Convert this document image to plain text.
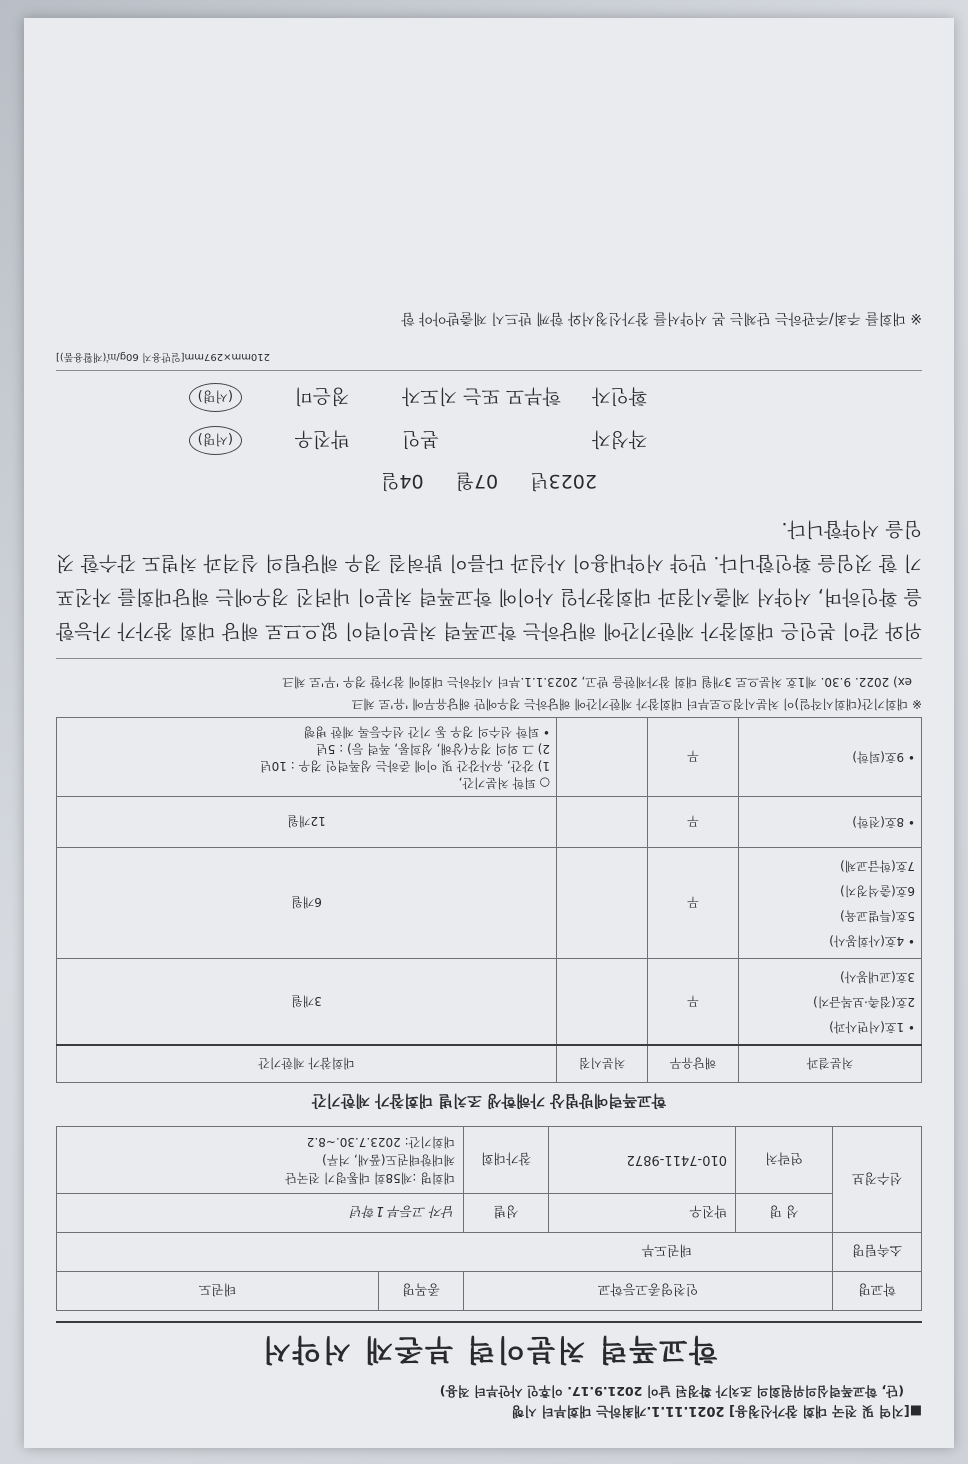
■[지역 및 전국 대회 참가신청용] 2021.11.1.개최하는 대회부터 시행

(단, 학교폭력심의위원회의 조치가 확정된 날이 2021.9.17. 이후인 사안부터 적용)

학교폭력 처분이력 부존재 서약서
학교명	인천영종고등학교			종목명	태권도
소속팀명	태권도부				
선수정보	성 명	박진우	성별	남자 고등부 1학년	
	연락처	010-7411-9872	참가대회	대회명 :제58회 대통령기 전국단
체대항태권도(품새, 겨루)
대회기간: 2023.7.30.~8.2	
학교폭력예방법상 가해학생 조치별 대회참가 제한기간
처분결과	해당유무	처분시점	대회참가 제한기간

• 1호(서면사과)
2호(접촉·보복금지)
3호(교내봉사)	무		3개월

• 4호(사회봉사)
5호(특별교육)
6호(출석정지)
7호(학급교체)	무		6개월

• 8호(전학)	무		12개월

• 9호(퇴학)	무		○ 퇴학 처분기간,
1) 강간, 유사강간 및 이에 준하는 성폭력인 경우 : 10년
2) 그 외의 경우(상해, 성희롱, 폭력 등) : 5년
• 퇴학 선수의 경우 동 기간 선수등록 제한 병행

※ 대회기간(대회시작일)이 처분시점으로부터 대회참가 제한기간에 해당하는 경우에만 해당유무에 '유'로 체크

ex) 2022. 9.30. 제1호 처분으로 3개월 대회 참가제한을 받고, 2023.1.1.부터 시작하는 대회에 참가할 경우 '무'로 체크

위와 같이 본인은 대회참가 제한기간에 해당하는 학교폭력 처분이력이 없으므로 해당 대회 참가가 가능함을 확인하며, 서약서 제출시점과 대회참가일 사이에 학교폭력 처분이 내려진 경우에는 해당대회를 자진포기 할 것임을 확인합니다. 만약 서약내용이 사실과 다름이 밝혀질 경우 해당팀의 실격과 처벌도 감수할 것임을 서약합니다.

2023년 07월 04일
작성자
본인
박진우
(서명)
확인자
학부모 또는 지도자
정은미
(서명)
210mm×297mm[일반용지 60g/㎡(재활용품)]
※ 대회를 주최/주관하는 단체는 본 서약서를 참가신청서와 함께 반드시 제출받아야 함
